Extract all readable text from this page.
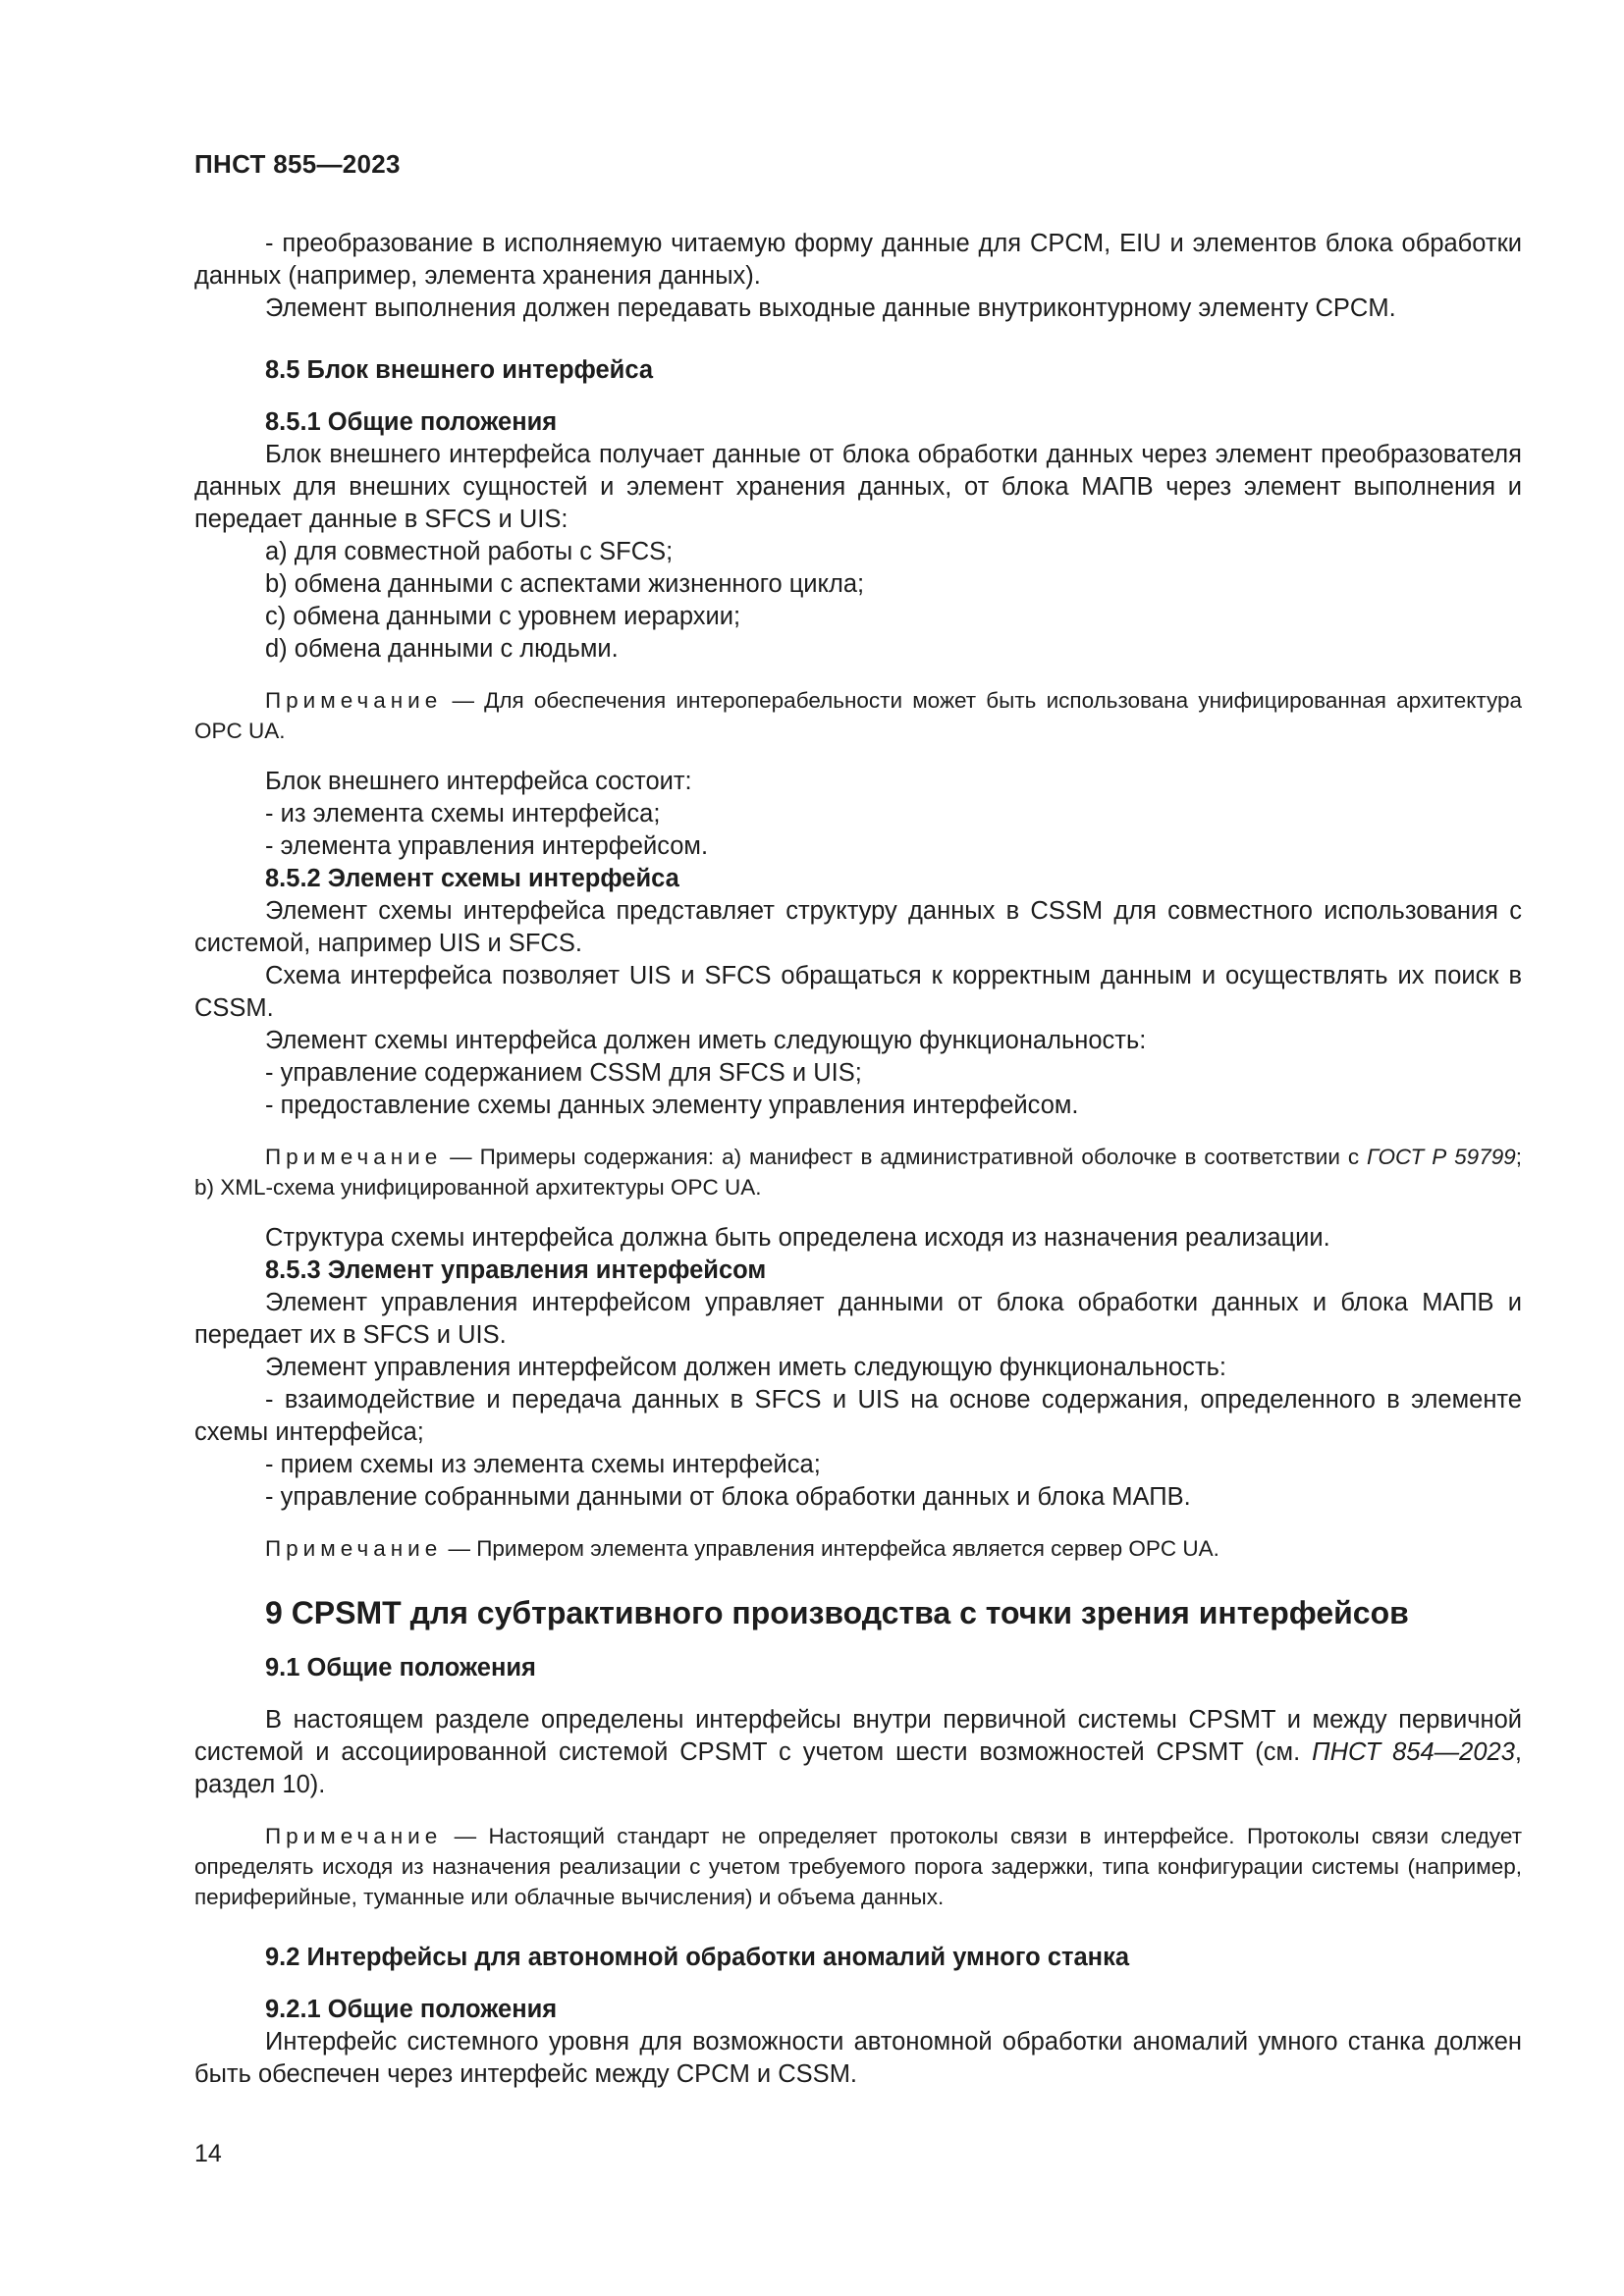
ПНСТ 855—2023

- преобразование в исполняемую читаемую форму данные для CPCM, EIU и элементов блока обработки данных (например, элемента хранения данных).

Элемент выполнения должен передавать выходные данные внутриконтурному элементу CPCM.

8.5 Блок внешнего интерфейса

8.5.1 Общие положения

Блок внешнего интерфейса получает данные от блока обработки данных через элемент преобразователя данных для внешних сущностей и элемент хранения данных, от блока МАПВ через элемент выполнения и передает данные в SFCS и UIS:

a) для совместной работы с SFCS;

b) обмена данными с аспектами жизненного цикла;

c) обмена данными с уровнем иерархии;

d) обмена данными с людьми.

Примечание — Для обеспечения интероперабельности может быть использована унифицированная архитектура OPC UA.

Блок внешнего интерфейса состоит:

- из элемента схемы интерфейса;

- элемента управления интерфейсом.

8.5.2 Элемент схемы интерфейса

Элемент схемы интерфейса представляет структуру данных в CSSM для совместного использования с системой, например UIS и SFCS.

Схема интерфейса позволяет UIS и SFCS обращаться к корректным данным и осуществлять их поиск в CSSM.

Элемент схемы интерфейса должен иметь следующую функциональность:

- управление содержанием CSSM для SFCS и UIS;

- предоставление схемы данных элементу управления интерфейсом.

Примечание — Примеры содержания: а) манифест в административной оболочке в соответствии с ГОСТ Р 59799; b) XML-схема унифицированной архитектуры OPC UA.

Структура схемы интерфейса должна быть определена исходя из назначения реализации.

8.5.3 Элемент управления интерфейсом

Элемент управления интерфейсом управляет данными от блока обработки данных и блока МАПВ и передает их в SFCS и UIS.

Элемент управления интерфейсом должен иметь следующую функциональность:

- взаимодействие и передача данных в SFCS и UIS на основе содержания, определенного в элементе схемы интерфейса;

- прием схемы из элемента схемы интерфейса;

- управление собранными данными от блока обработки данных и блока МАПВ.

Примечание — Примером элемента управления интерфейса является сервер OPC UA.

9 CPSMT для субтрактивного производства с точки зрения интерфейсов

9.1 Общие положения

В настоящем разделе определены интерфейсы внутри первичной системы CPSMT и между первичной системой и ассоциированной системой CPSMT с учетом шести возможностей CPSMT (см. ПНСТ 854—2023, раздел 10).

Примечание — Настоящий стандарт не определяет протоколы связи в интерфейсе. Протоколы связи следует определять исходя из назначения реализации с учетом требуемого порога задержки, типа конфигурации системы (например, периферийные, туманные или облачные вычисления) и объема данных.

9.2 Интерфейсы для автономной обработки аномалий умного станка

9.2.1 Общие положения

Интерфейс системного уровня для возможности автономной обработки аномалий умного станка должен быть обеспечен через интерфейс между CPCM и CSSM.

14
